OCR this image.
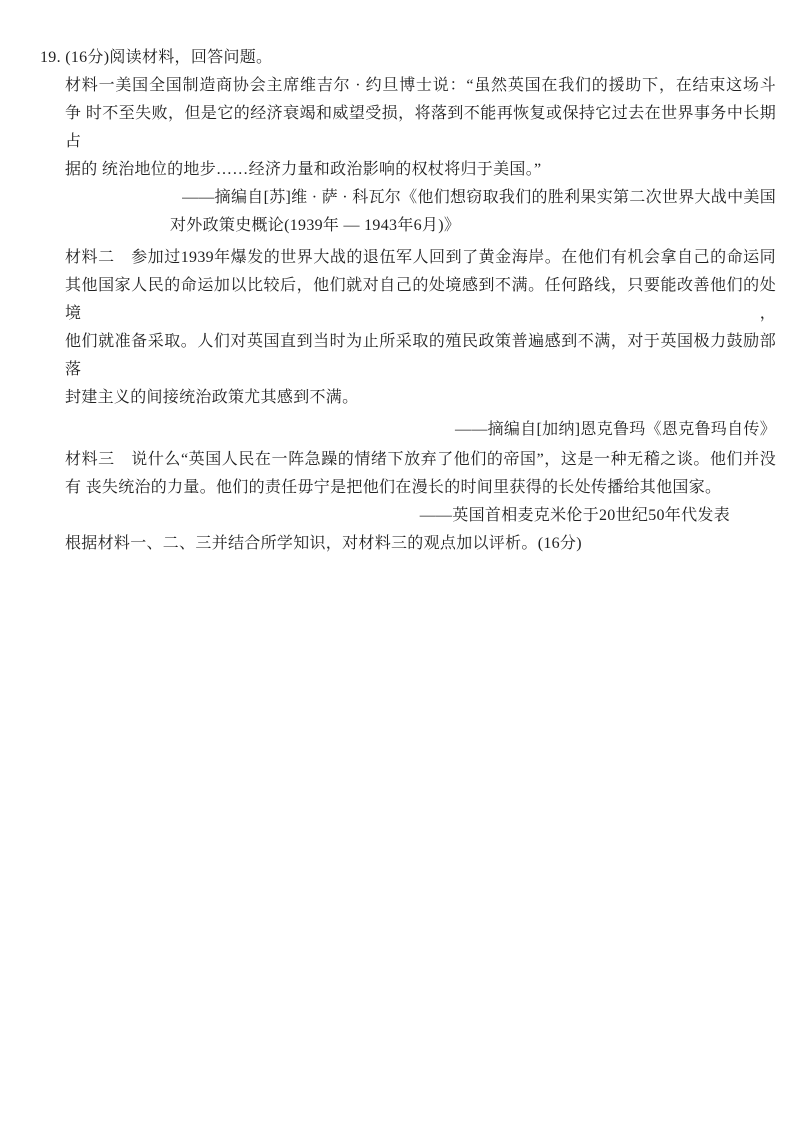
19. (16分)阅读材料，回答问题。
材料一美国全国制造商协会主席维吉尔 · 约旦博士说：“虽然英国在我们的援助下，在结束这场斗
争 时不至失败，但是它的经济衰竭和威望受损，将落到不能再恢复或保持它过去在世界事务中长期占
据的 统治地位的地步……经济力量和政治影响的权杖将归于美国。”
——摘编自[苏]维 · 萨 · 科瓦尔《他们想窃取我们的胜利果实第二次世界大战中美国
对外政策史概论(1939年 — 1943年6月)》
材料二　参加过1939年爆发的世界大战的退伍军人回到了黄金海岸。在他们有机会拿自己的命运同
其他国家人民的命运加以比较后，他们就对自己的处境感到不满。任何路线，只要能改善他们的处境，
他们就准备采取。人们对英国直到当时为止所采取的殖民政策普遍感到不满，对于英国极力鼓励部落
封建主义的间接统治政策尤其感到不满。
——摘编自[加纳]恩克鲁玛《恩克鲁玛自传》
材料三　说什么“英国人民在一阵急躁的情绪下放弃了他们的帝国”，这是一种无稽之谈。他们并没
有 丧失统治的力量。他们的责任毋宁是把他们在漫长的时间里获得的长处传播给其他国家。
——英国首相麦克米伦于20世纪50年代发表
根据材料一、二、三并结合所学知识，对材料三的观点加以评析。(16分)
